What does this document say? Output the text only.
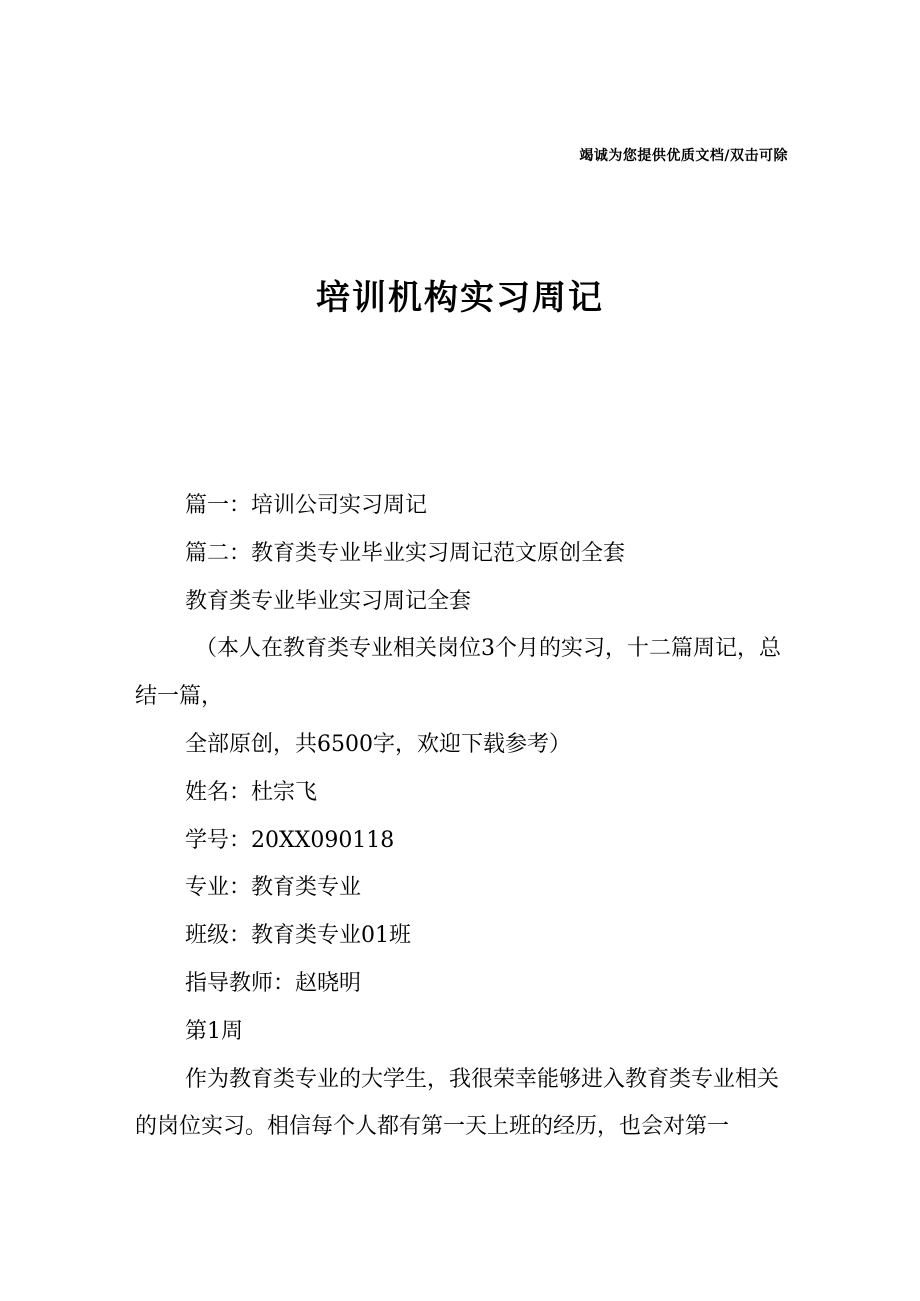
竭诚为您提供优质文档/双击可除
培训机构实习周记

篇一：培训公司实习周记

篇二：教育类专业毕业实习周记范文原创全套

教育类专业毕业实习周记全套

（本人在教育类专业相关岗位3个月的实习，十二篇周记，总结一篇，

全部原创，共6500字，欢迎下载参考）

姓名：杜宗飞

学号：20XX090118

专业：教育类专业

班级：教育类专业01班

指导教师：赵晓明

第1周

作为教育类专业的大学生，我很荣幸能够进入教育类专业相关的岗位实习。相信每个人都有第一天上班的经历，也会对第一
